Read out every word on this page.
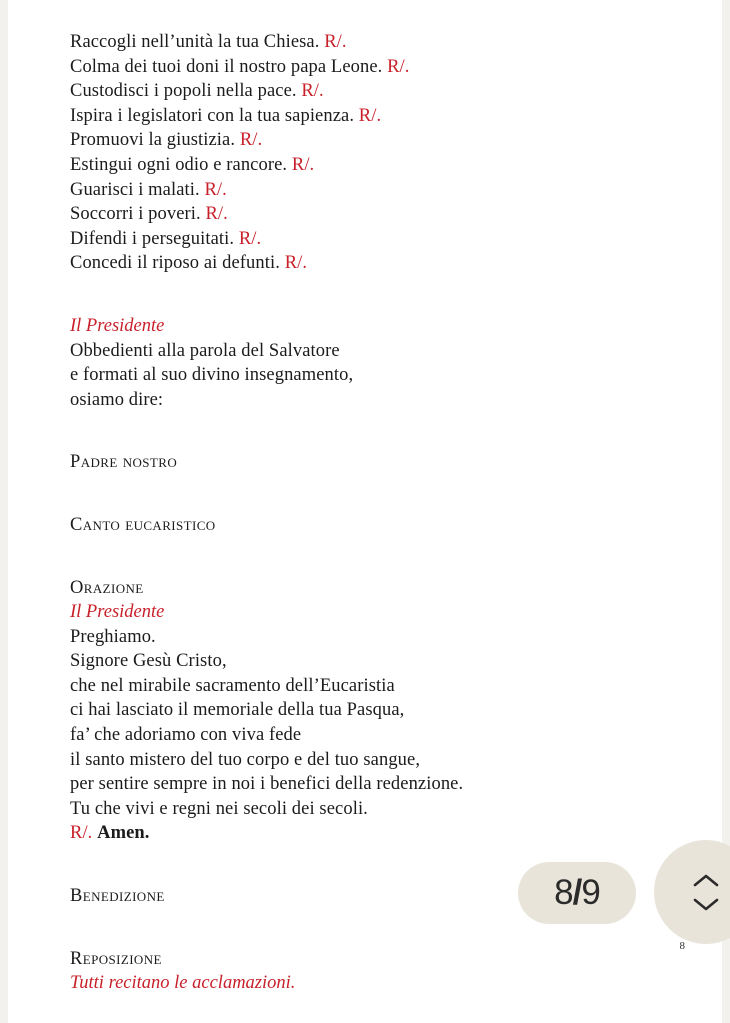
Raccogli nell’unità la tua Chiesa. R/.
Colma dei tuoi doni il nostro papa Leone. R/.
Custodisci i popoli nella pace. R/.
Ispira i legislatori con la tua sapienza. R/.
Promuovi la giustizia. R/.
Estingui ogni odio e rancore. R/.
Guarisci i malati. R/.
Soccorri i poveri. R/.
Difendi i perseguitati. R/.
Concedi il riposo ai defunti. R/.
Il Presidente
Obbedienti alla parola del Salvatore
e formati al suo divino insegnamento,
osiamo dire:
Padre nostro
Canto eucaristico
Orazione
Il Presidente
Preghiamo.
Signore Gesù Cristo,
che nel mirabile sacramento dell’Eucaristia
ci hai lasciato il memoriale della tua Pasqua,
fa’ che adoriamo con viva fede
il santo mistero del tuo corpo e del tuo sangue,
per sentire sempre in noi i benefici della redenzione.
Tu che vivi e regni nei secoli dei secoli.
R/. Amen.
Benedizione
Reposizione
Tutti recitano le acclamazioni.
8
8/9
